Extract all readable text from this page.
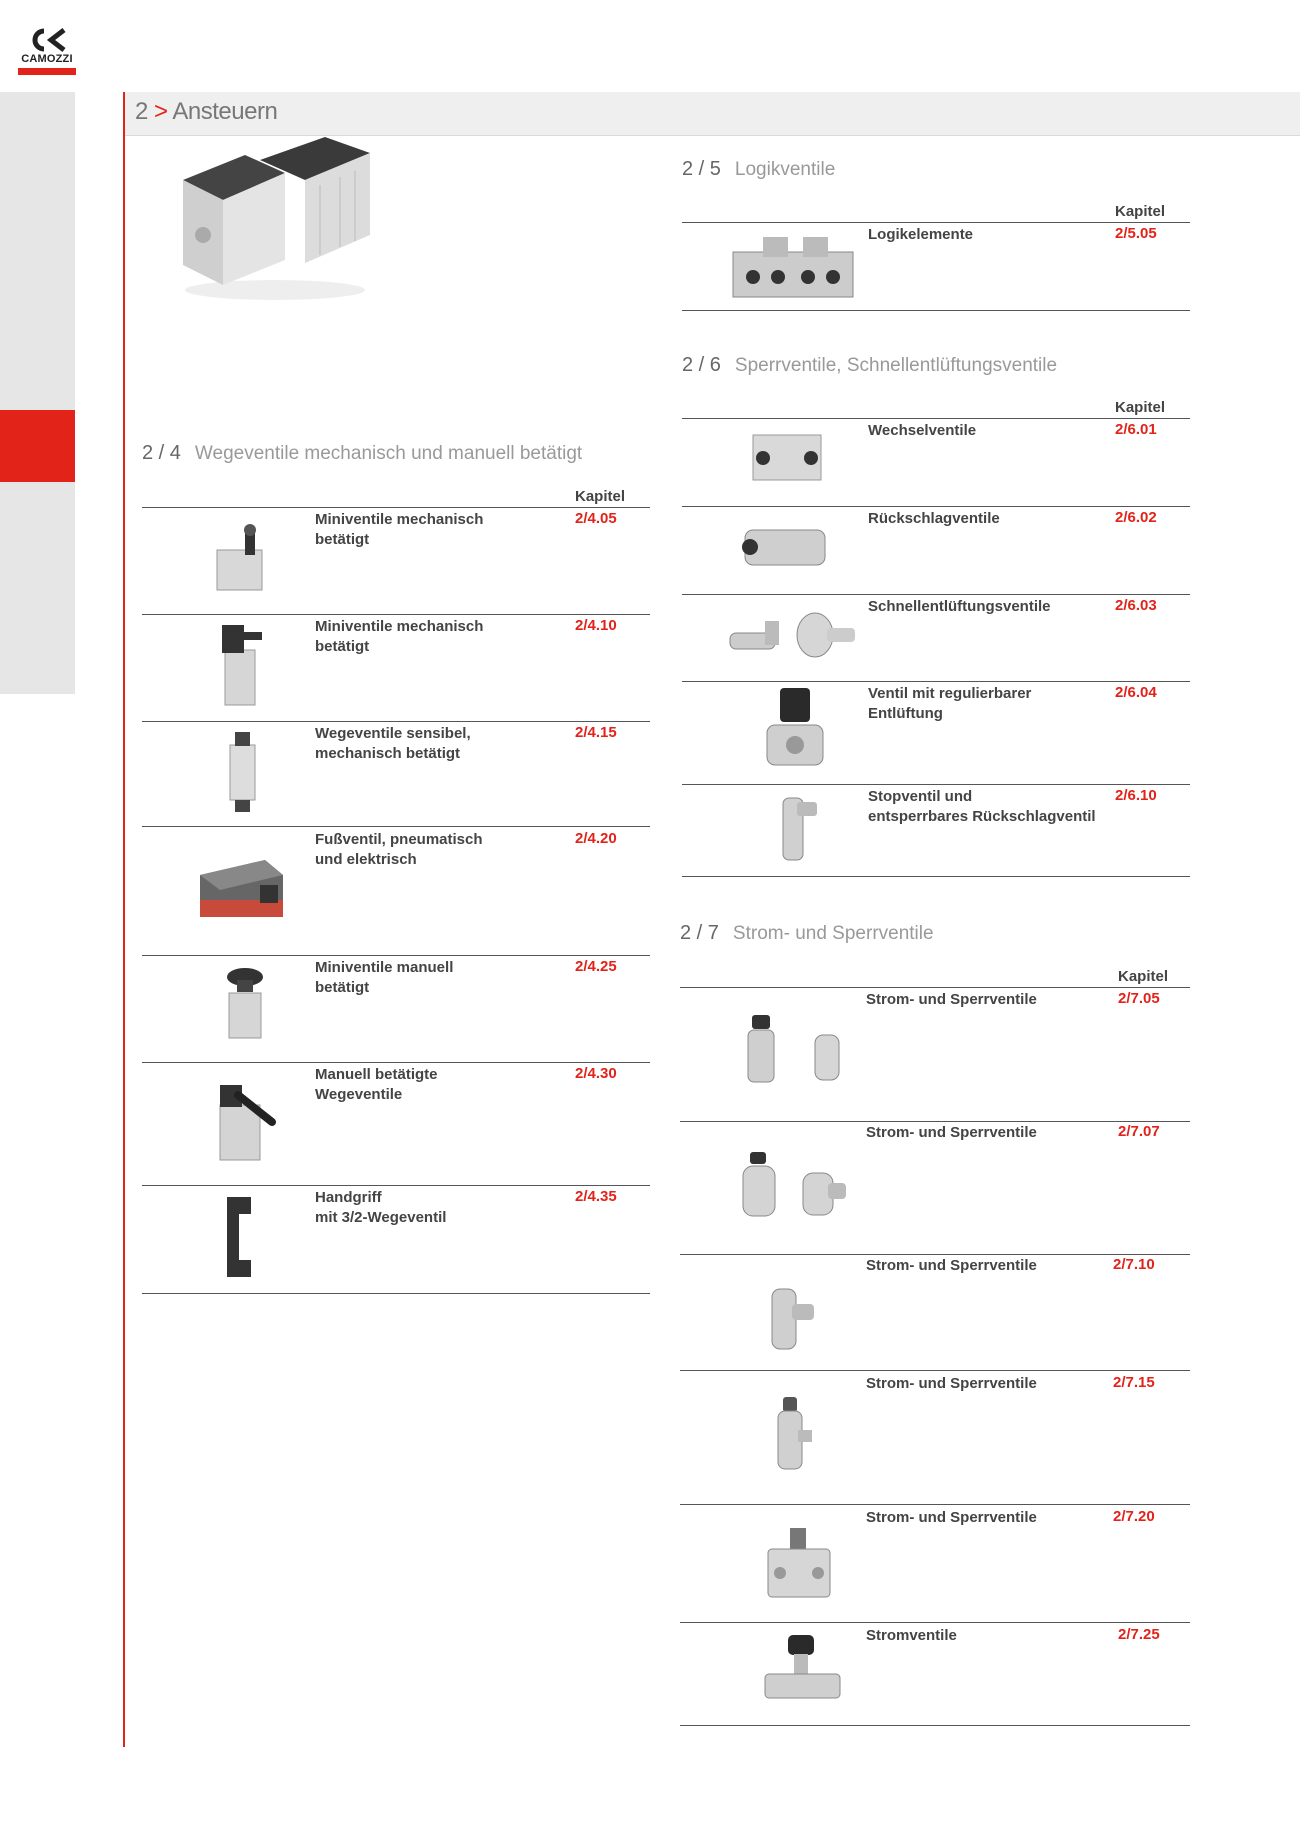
CAMOZZI
2 > Ansteuern
2 / 4 Wegeventile mechanisch und manuell betätigt
Kapitel
Miniventile mechanisch
betätigt
2/4.05
Miniventile mechanisch
betätigt
2/4.10
Wegeventile sensibel,
mechanisch betätigt
2/4.15
Fußventil, pneumatisch
und elektrisch
2/4.20
Miniventile manuell
betätigt
2/4.25
Manuell betätigte
Wegeventile
2/4.30
Handgriff
mit 3/2-Wegeventil
2/4.35
2 / 5 Logikventile
Kapitel
Logikelemente	2/5.05
2 / 6 Sperrventile, Schnellentlüftungsventile
Kapitel
Wechselventile	2/6.01
Rückschlagventile	2/6.02
Schnellentlüftungsventile	2/6.03
Ventil mit regulierbarer
Entlüftung
2/6.04
Stopventil und
entsperrbares Rückschlagventil
2/6.10
2 / 7 Strom- und Sperrventile
Kapitel
Strom- und Sperrventile	2/7.05
Strom- und Sperrventile	2/7.07
Strom- und Sperrventile	2/7.10
Strom- und Sperrventile	2/7.15
Strom- und Sperrventile	2/7.20
Stromventile	2/7.25
